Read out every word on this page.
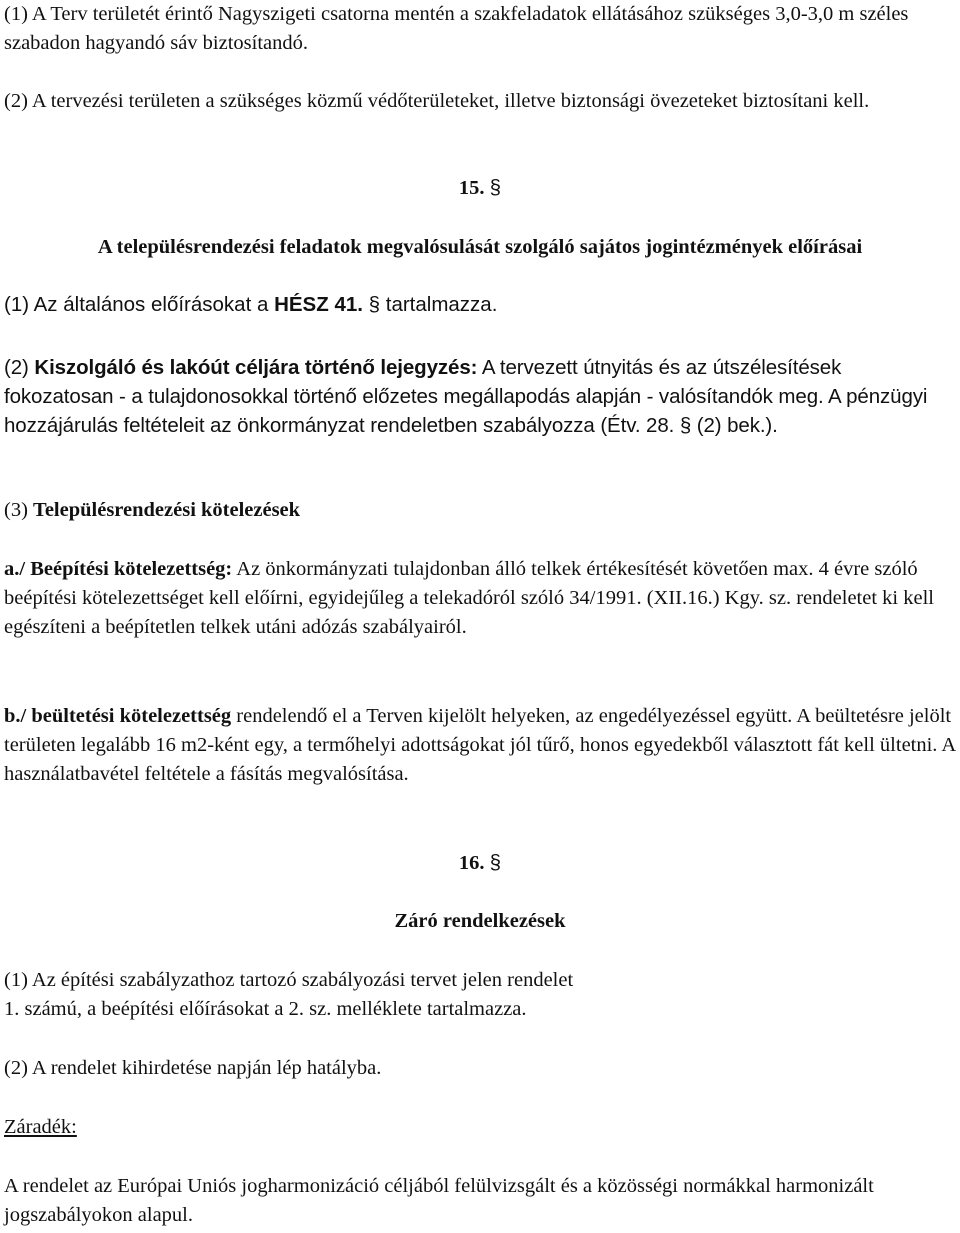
(1) A Terv területét érintő Nagyszigeti csatorna mentén a szakfeladatok ellátásához szükséges 3,0-3,0 m széles szabadon hagyandó sáv biztosítandó.

(2) A tervezési területen a szükséges közmű védőterületeket, illetve biztonsági övezeteket biztosítani kell.

15. §

A településrendezési feladatok megvalósulását szolgáló sajátos jogintézmények előírásai

(1) Az általános előírásokat a HÉSZ 41. § tartalmazza.

(2) Kiszolgáló és lakóút céljára történő lejegyzés: A tervezett útnyitás és az útszélesítések fokozatosan - a tulajdonosokkal történő előzetes megállapodás alapján - valósítandók meg. A pénzügyi hozzájárulás feltételeit az önkormányzat rendeletben szabályozza (Étv. 28. § (2) bek.).

(3) Településrendezési kötelezések

a./ Beépítési kötelezettség: Az önkormányzati tulajdonban álló telkek értékesítését követően max. 4 évre szóló beépítési kötelezettséget kell előírni, egyidejűleg a telekadóról szóló 34/1991. (XII.16.) Kgy. sz. rendeletet ki kell egészíteni a beépítetlen telkek utáni adózás szabályairól.

b./ beültetési kötelezettség rendelendő el a Terven kijelölt helyeken, az engedélyezéssel együtt. A beültetésre jelölt területen legalább 16 m2-ként egy, a termőhelyi adottságokat jól tűrő, honos egyedekből választott fát kell ültetni. A használatbavétel feltétele a fásítás megvalósítása.

16. §

Záró rendelkezések

(1) Az építési szabályzathoz tartozó szabályozási tervet jelen rendelet

1. számú, a beépítési előírásokat a 2. sz. melléklete tartalmazza.

(2) A rendelet kihirdetése napján lép hatályba.

Záradék:

A rendelet az Európai Uniós jogharmonizáció céljából felülvizsgált és a közösségi normákkal harmonizált jogszabályokon alapul.
